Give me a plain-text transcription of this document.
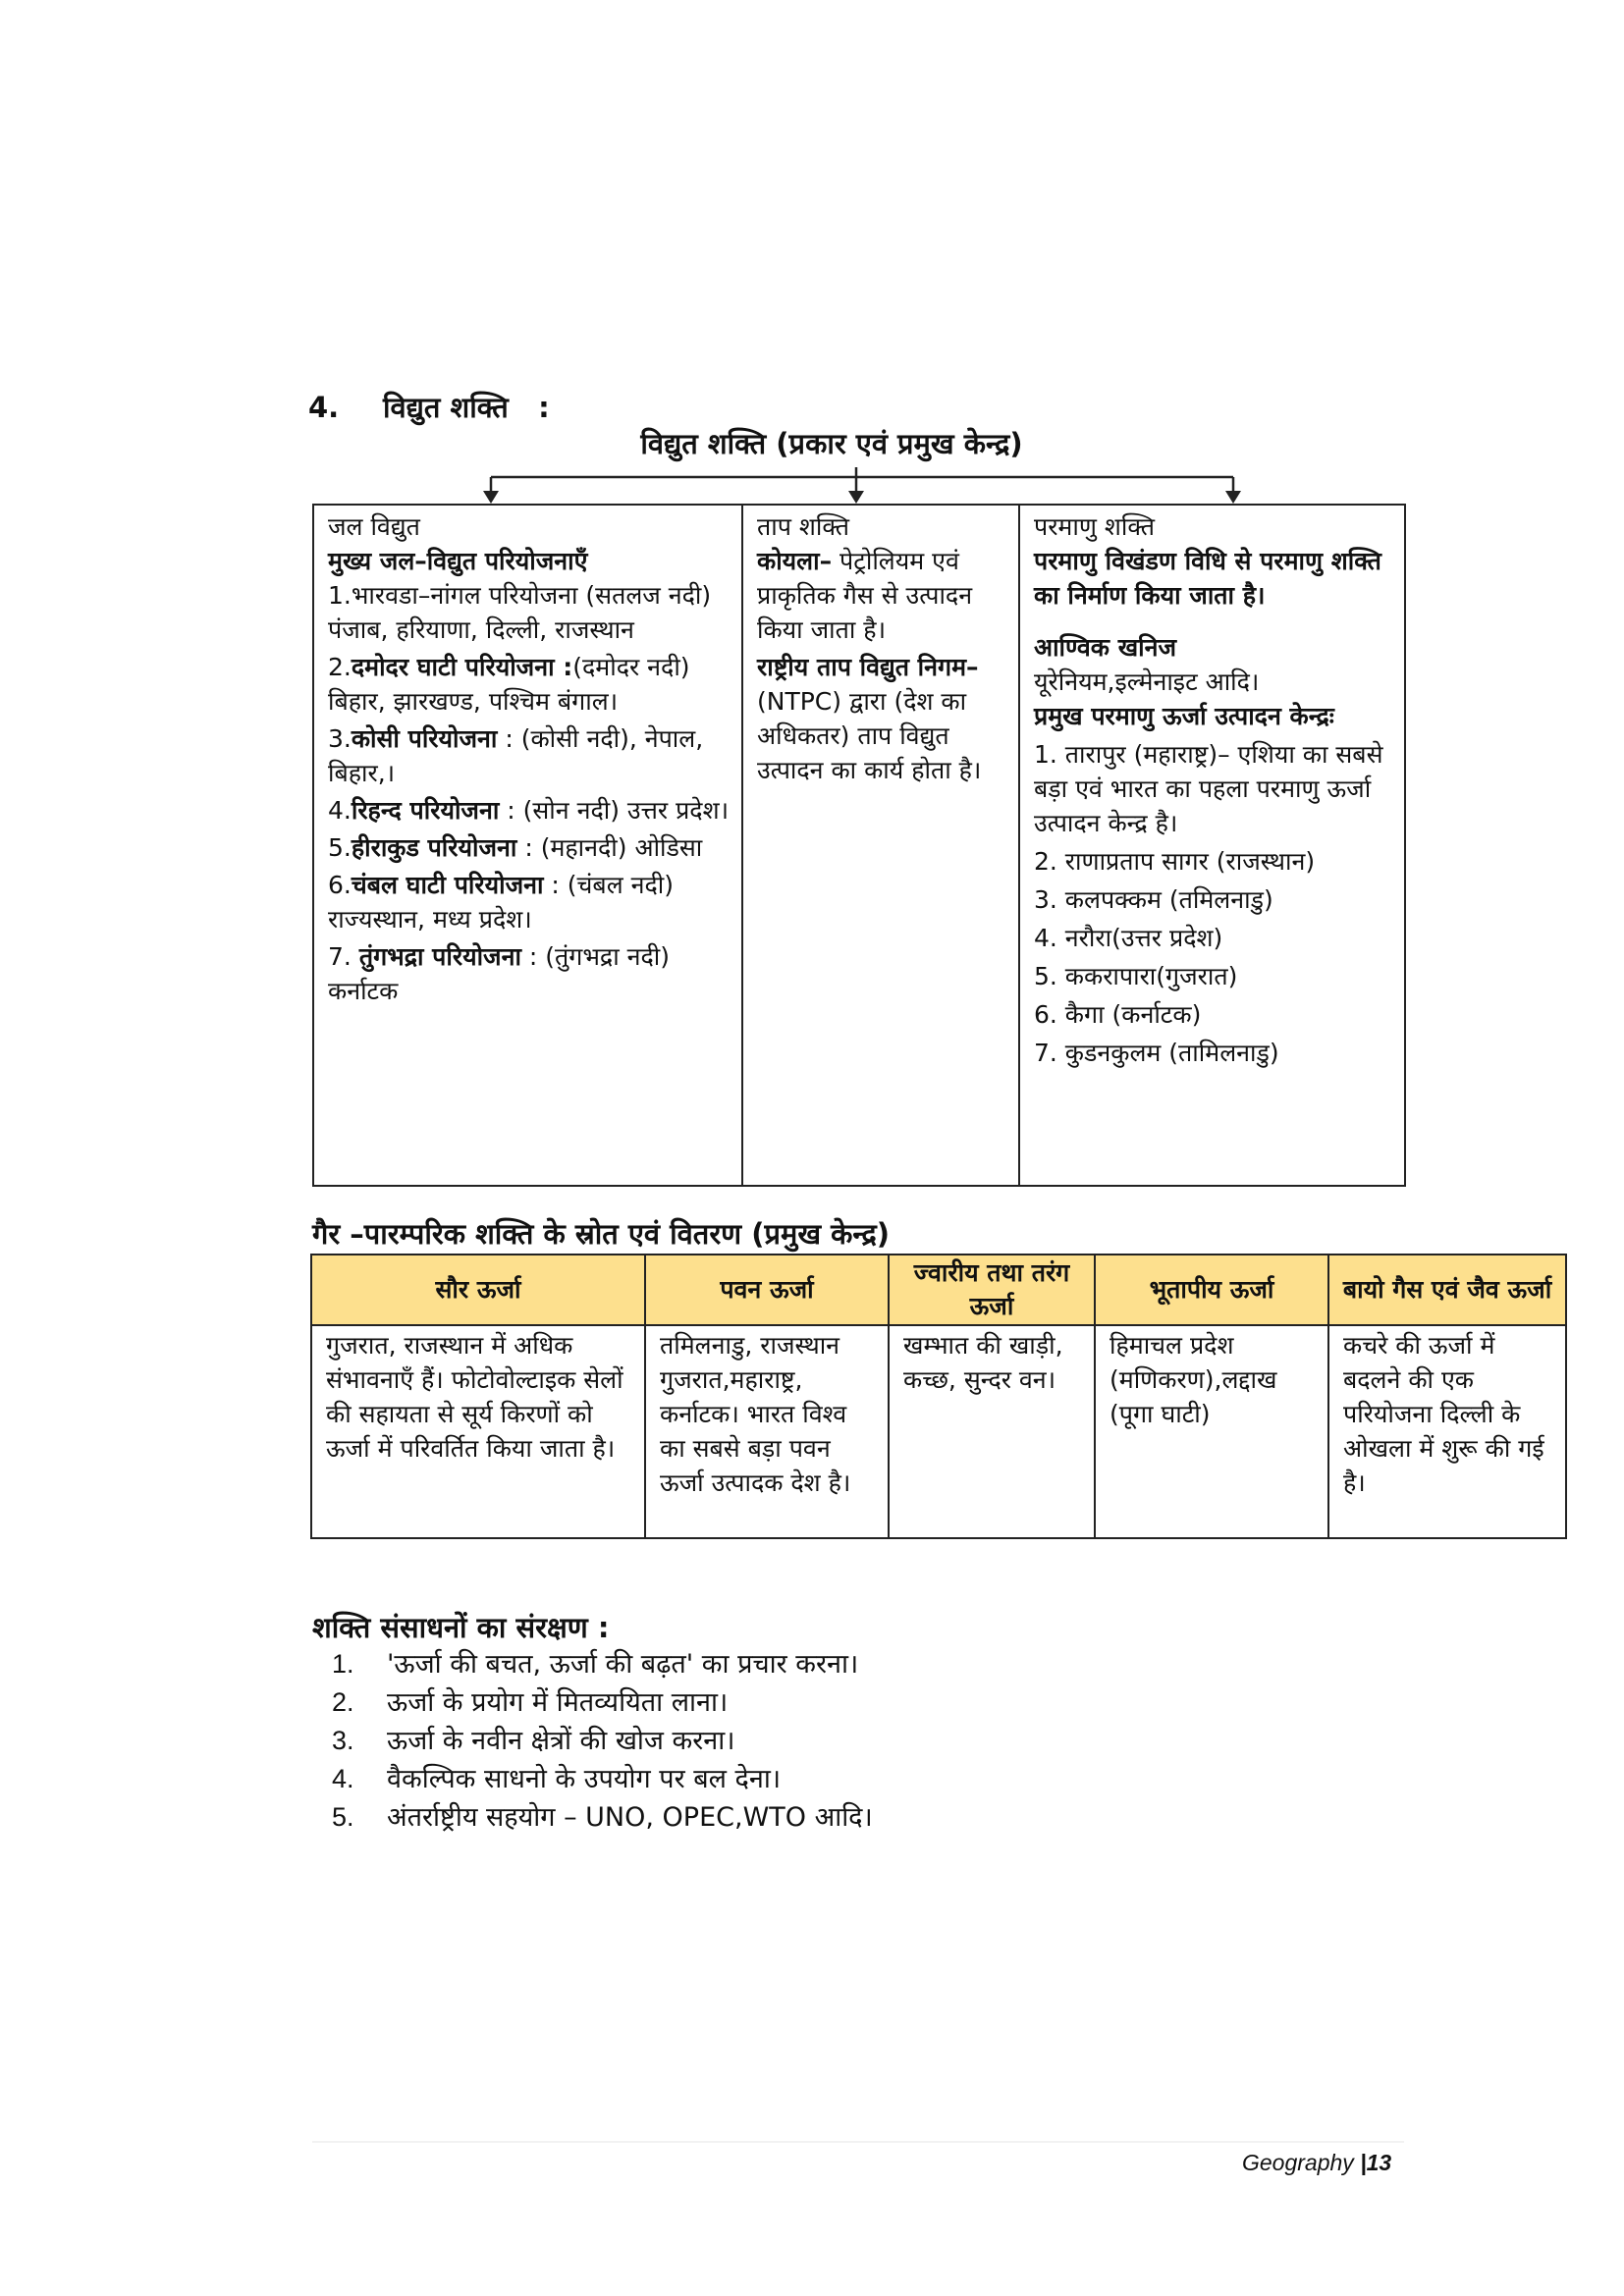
4. विद्युत शक्ति :
विद्युत शक्ति (प्रकार एवं प्रमुख केन्द्र)
जल विद्युत
मुख्य जल–विद्युत परियोजनाएँ
1.भारवडा–नांगल परियोजना (सतलज नदी) पंजाब, हरियाणा, दिल्ली, राजस्थान
2.दमोदर घाटी परियोजना :(दमोदर नदी) बिहार, झारखण्ड, पश्चिम बंगाल।
3.कोसी परियोजना : (कोसी नदी), नेपाल, बिहार,।
4.रिहन्द परियोजना : (सोन नदी) उत्तर प्रदेश।
5.हीराकुड परियोजना : (महानदी) ओडिसा
6.चंबल घाटी परियोजना : (चंबल नदी) राज्यस्थान, मध्य प्रदेश।
7. तुंगभद्रा परियोजना : (तुंगभद्रा नदी) कर्नाटक

ताप शक्ति
कोयला– पेट्रोलियम एवं प्राकृतिक गैस से उत्पादन किया जाता है।
राष्ट्रीय ताप विद्युत निगम– (NTPC) द्वारा (देश का अधिकतर) ताप विद्युत उत्पादन का कार्य होता है।

परमाणु शक्ति
परमाणु विखंडण विधि से परमाणु शक्ति का निर्माण किया जाता है।
आण्विक खनिज
यूरेनियम,इल्मेनाइट आदि।
प्रमुख परमाणु ऊर्जा उत्पादन केन्द्रः
1. तारापुर (महाराष्ट्र)– एशिया का सबसे बड़ा एवं भारत का पहला परमाणु ऊर्जा उत्पादन केन्द्र है।
2. राणाप्रताप सागर (राजस्थान)
3. कलपक्कम (तमिलनाडु)
4. नरौरा(उत्तर प्रदेश)
5. ककरापारा(गुजरात)
6. कैगा (कर्नाटक)
7. कुडनकुलम (तामिलनाडु)
गैर –पारम्परिक शक्ति के स्रोत एवं वितरण (प्रमुख केन्द्र)
सौर ऊर्जा	पवन ऊर्जा	ज्वारीय तथा तरंग ऊर्जा	भूतापीय ऊर्जा	बायो गैस एवं जैव ऊर्जा
गुजरात, राजस्थान में अधिक संभावनाएँ हैं। फोटोवोल्टाइक सेलों की सहायता से सूर्य किरणों को ऊर्जा में परिवर्तित किया जाता है।	तमिलनाडु, राजस्थान गुजरात,महाराष्ट्र, कर्नाटक। भारत विश्व का सबसे बड़ा पवन ऊर्जा उत्पादक देश है।	खम्भात की खाड़ी, कच्छ, सुन्दर वन।	हिमाचल प्रदेश (मणिकरण),लद्दाख (पूगा घाटी)	कचरे की ऊर्जा में बदलने की एक परियोजना दिल्ली के ओखला में शुरू की गई है।
शक्ति संसाधनों का संरक्षण :
1.	'ऊर्जा की बचत, ऊर्जा की बढ़त' का प्रचार करना।
2.	ऊर्जा के प्रयोग में मितव्ययिता लाना।
3.	ऊर्जा के नवीन क्षेत्रों की खोज करना।
4.	वैकल्पिक साधनो के उपयोग पर बल देना।
5.	अंतर्राष्ट्रीय सहयोग – UNO, OPEC,WTO आदि।
Geography |13
